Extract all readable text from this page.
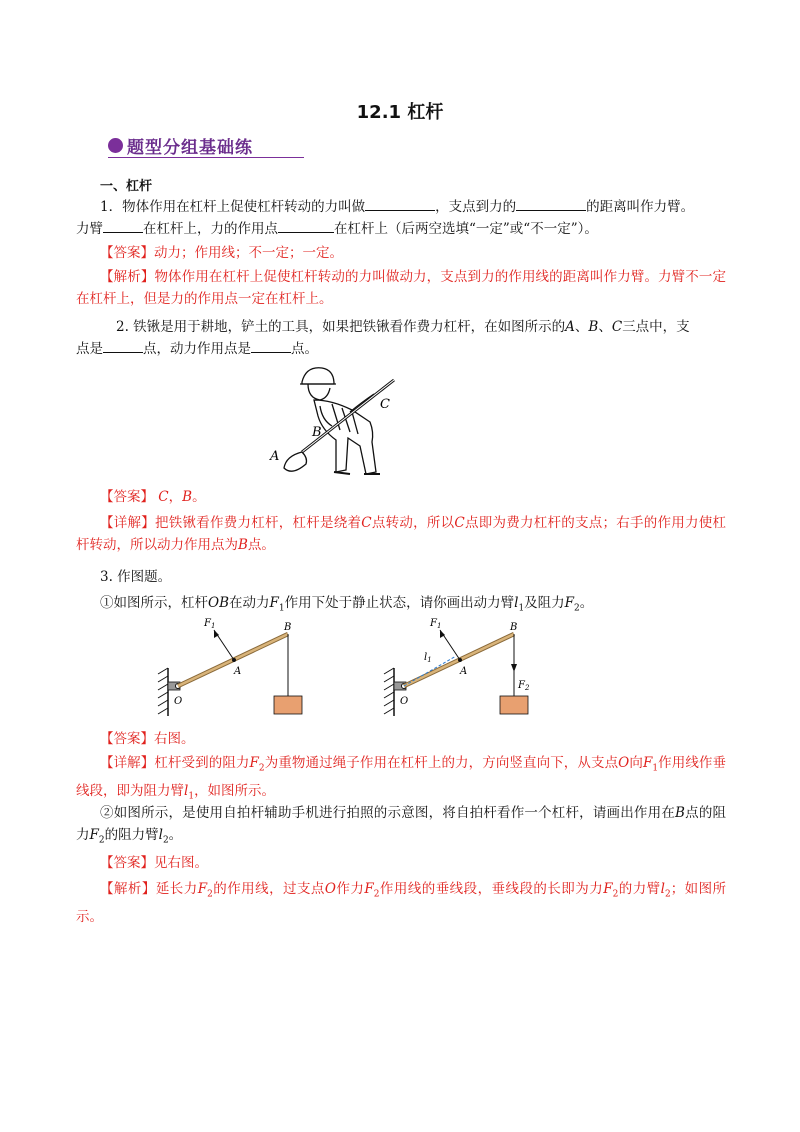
12.1 杠杆
题型分组基础练
一、杠杆
1．物体作用在杠杆上促使杠杆转动的力叫做	，支点到力的	的距离叫作力臂。
力臂	在杠杆上，力的作用点	在杠杆上（后两空选填“一定”或“不一定”）。
【答案】动力；作用线；不一定；一定。
【解析】物体作用在杠杆上促使杠杆转动的力叫做动力，支点到力的作用线的距离叫作力臂。力臂不一定在杠杆上，但是力的作用点一定在杠杆上。
2. 铁锹是用于耕地，铲土的工具，如果把铁锹看作费力杠杆，在如图所示的A、B、C三点中，支
点是	点，动力作用点是	点。
C
B
A
【答案】 C，B。
【详解】把铁锹看作费力杠杆，杠杆是绕着C点转动，所以C点即为费力杠杆的支点；右手的作用力使杠杆转动，所以动力作用点为B点。
3. 作图题。
①如图所示，杠杆OB在动力$F_1$作用下处于静止状态，请你画出动力臂$l_1$及阻力$F_2$。
$F_1$	B
A
O
$F_1$	B
A
O
$l_1$
$F_2$
【答案】右图。
【详解】杠杆受到的阻力$F_2$为重物通过绳子作用在杠杆上的力，方向竖直向下，从支点O向$F_1$作用线作垂线段，即为阻力臂$l_1$，如图所示。
②如图所示，是使用自拍杆辅助手机进行拍照的示意图，将自拍杆看作一个杠杆，请画出作用在B点的阻力$F_2$的阻力臂$l_2$。
【答案】见右图。
【解析】延长力$F_2$的作用线，过支点O作力$F_2$作用线的垂线段，垂线段的长即为力$F_2$的力臂$l_2$；如图所示。
